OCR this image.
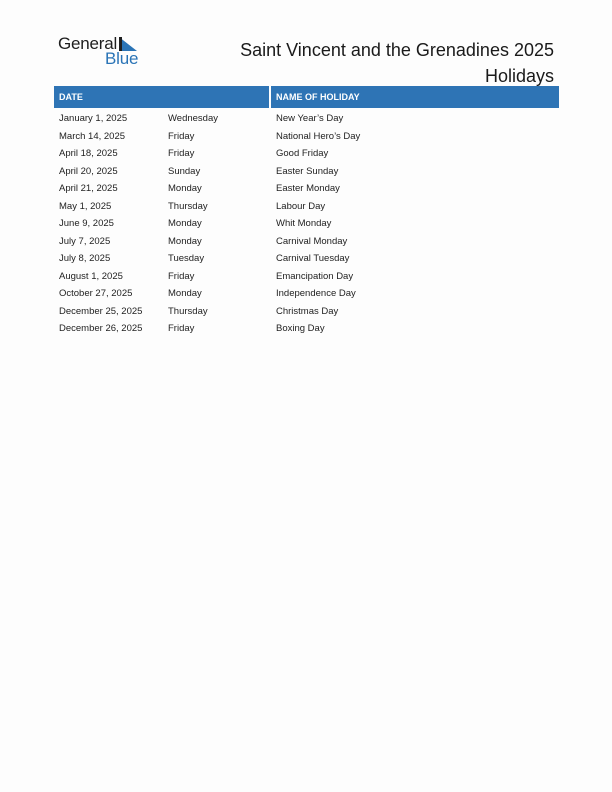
General
Blue	Saint Vincent and the Grenadines 2025
Holidays
DATE	NAME OF HOLIDAY
January 1, 2025	Wednesday	New Year’s Day
March 14, 2025	Friday	National Hero’s Day
April 18, 2025	Friday	Good Friday
April 20, 2025	Sunday	Easter Sunday
April 21, 2025	Monday	Easter Monday
May 1, 2025	Thursday	Labour Day
June 9, 2025	Monday	Whit Monday
July 7, 2025	Monday	Carnival Monday
July 8, 2025	Tuesday	Carnival Tuesday
August 1, 2025	Friday	Emancipation Day
October 27, 2025	Monday	Independence Day
December 25, 2025	Thursday	Christmas Day
December 26, 2025	Friday	Boxing Day
